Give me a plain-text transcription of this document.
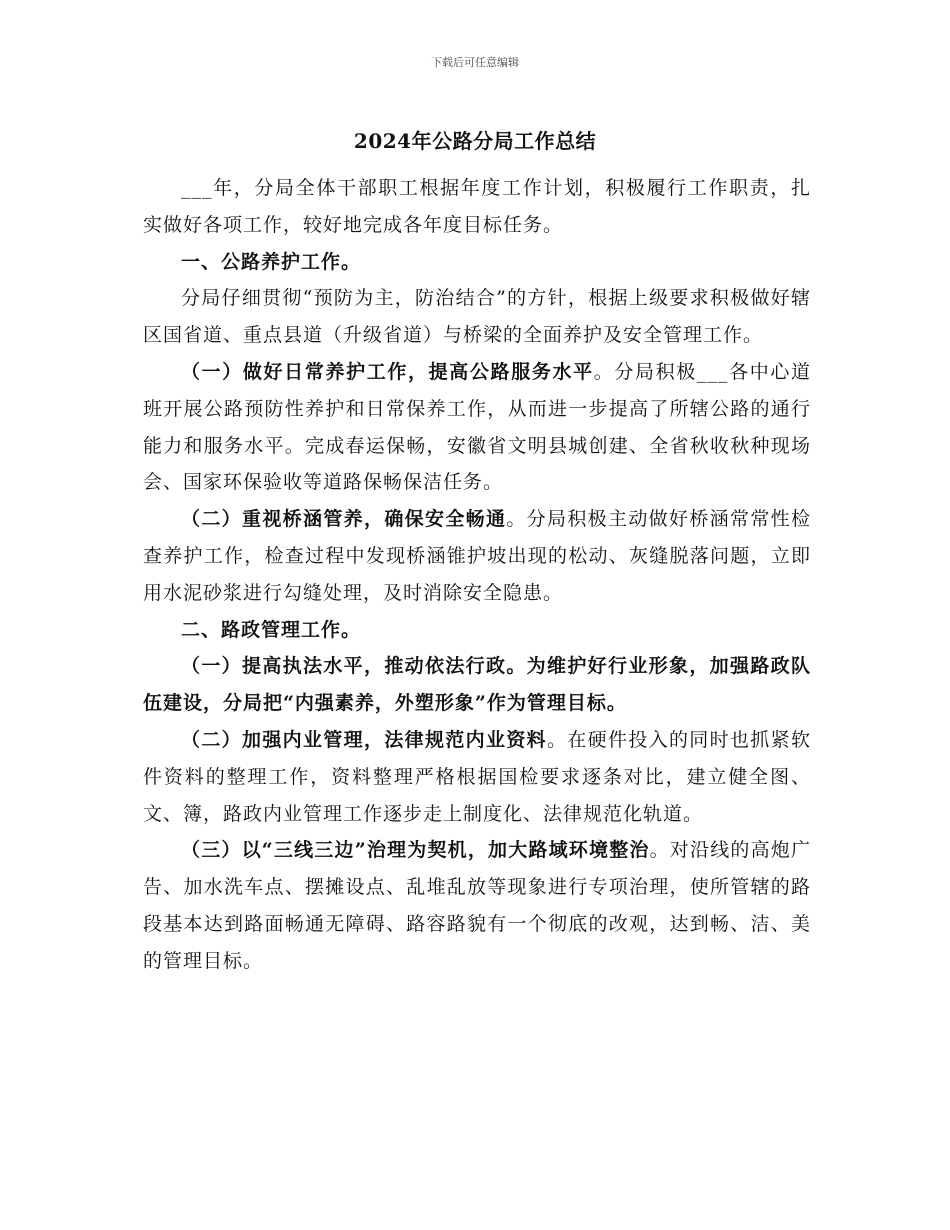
下载后可任意编辑
2024年公路分局工作总结

___年，分局全体干部职工根据年度工作计划，积极履行工作职责，扎实做好各项工作，较好地完成各年度目标任务。

一、公路养护工作。

分局仔细贯彻“预防为主，防治结合”的方针，根据上级要求积极做好辖区国省道、重点县道（升级省道）与桥梁的全面养护及安全管理工作。

（一）做好日常养护工作，提高公路服务水平。分局积极___各中心道班开展公路预防性养护和日常保养工作，从而进一步提高了所辖公路的通行能力和服务水平。完成春运保畅，安徽省文明县城创建、全省秋收秋种现场会、国家环保验收等道路保畅保洁任务。

（二）重视桥涵管养，确保安全畅通。分局积极主动做好桥涵常常性检查养护工作，检查过程中发现桥涵锥护坡出现的松动、灰缝脱落问题，立即用水泥砂浆进行勾缝处理，及时消除安全隐患。

二、路政管理工作。

（一）提高执法水平，推动依法行政。为维护好行业形象，加强路政队伍建设，分局把“内强素养，外塑形象”作为管理目标。

（二）加强内业管理，法律规范内业资料。在硬件投入的同时也抓紧软件资料的整理工作，资料整理严格根据国检要求逐条对比，建立健全图、文、簿，路政内业管理工作逐步走上制度化、法律规范化轨道。

（三）以“三线三边”治理为契机，加大路域环境整治。对沿线的高炮广告、加水洗车点、摆摊设点、乱堆乱放等现象进行专项治理，使所管辖的路段基本达到路面畅通无障碍、路容路貌有一个彻底的改观，达到畅、洁、美的管理目标。
